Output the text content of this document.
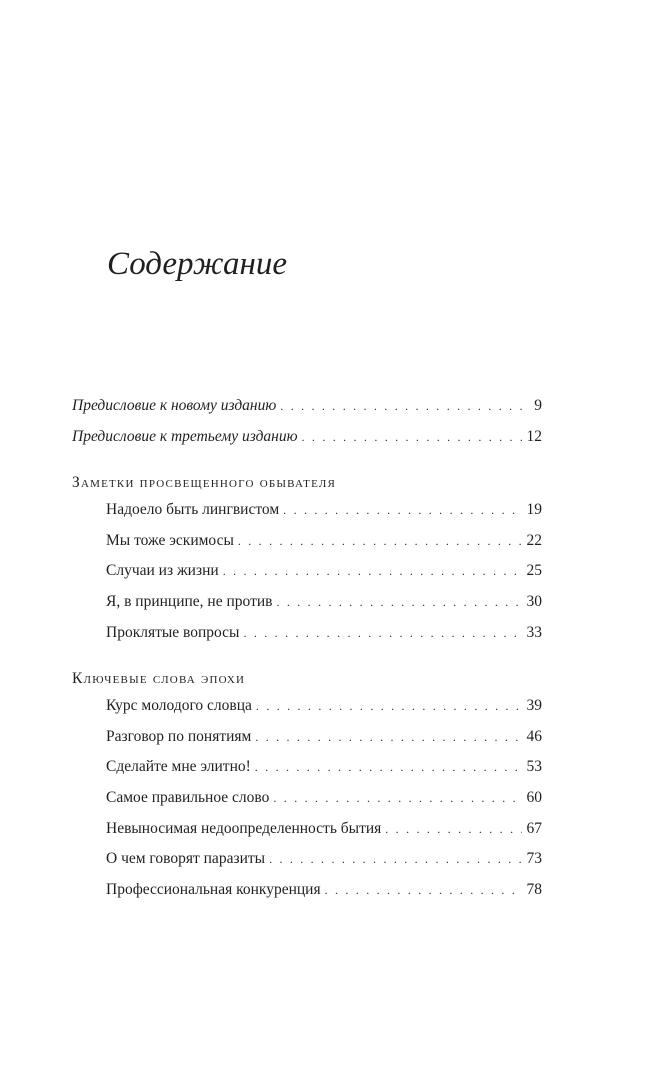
Содержание
Предисловие к новому изданию . . .	9
Предисловие к третьему изданию . . .	12
Заметки просвещенного обывателя
Надоело быть лингвистом . . .	19
Мы тоже эскимосы . . .	22
Случаи из жизни . . .	25
Я, в принципе, не против . . .	30
Проклятые вопросы . . .	33
Ключевые слова эпохи
Курс молодого словца . . .	39
Разговор по понятиям . . .	46
Сделайте мне элитно! . . .	53
Самое правильное слово . . .	60
Невыносимая недоопределенность бытия . . .	67
О чем говорят паразиты . . .	73
Профессиональная конкуренция . . .	78
